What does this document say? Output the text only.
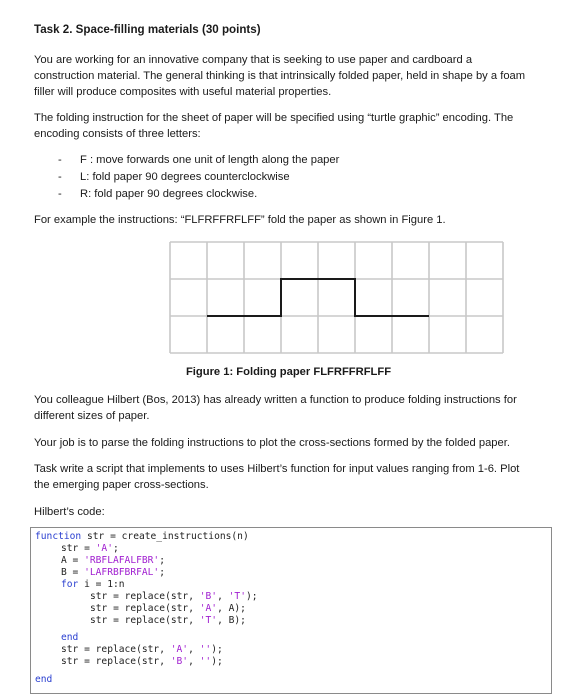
Task 2. Space-filling materials (30 points)
You are working for an innovative company that is seeking to use paper and cardboard a
construction material. The general thinking is that intrinsically folded paper, held in shape by a foam
filler will produce composites with useful material properties.
The folding instruction for the sheet of paper will be specified using “turtle graphic” encoding. The
encoding consists of three letters:
- F : move forwards one unit of length along the paper
- L: fold paper 90 degrees counterclockwise
- R: fold paper 90 degrees clockwise.
For example the instructions: “FLFRFFRFLFF” fold the paper as shown in Figure 1.
Figure 1: Folding paper FLFRFFRFLFF
You colleague Hilbert (Bos, 2013) has already written a function to produce folding instructions for
different sizes of paper.
Your job is to parse the folding instructions to plot the cross-sections formed by the folded paper.
Task write a script that implements to uses Hilbert’s function for input values ranging from 1-6. Plot
the emerging paper cross-sections.
Hilbert’s code:
function str = create_instructions(n)
str = 'A';
A = 'RBFLAFALFBR';
B = 'LAFRBFBRFAL';
for i = 1:n
str = replace(str, 'B', 'T');
str = replace(str, 'A', A);
str = replace(str, 'T', B);
end
str = replace(str, 'A', '');
str = replace(str, 'B', '');
end
